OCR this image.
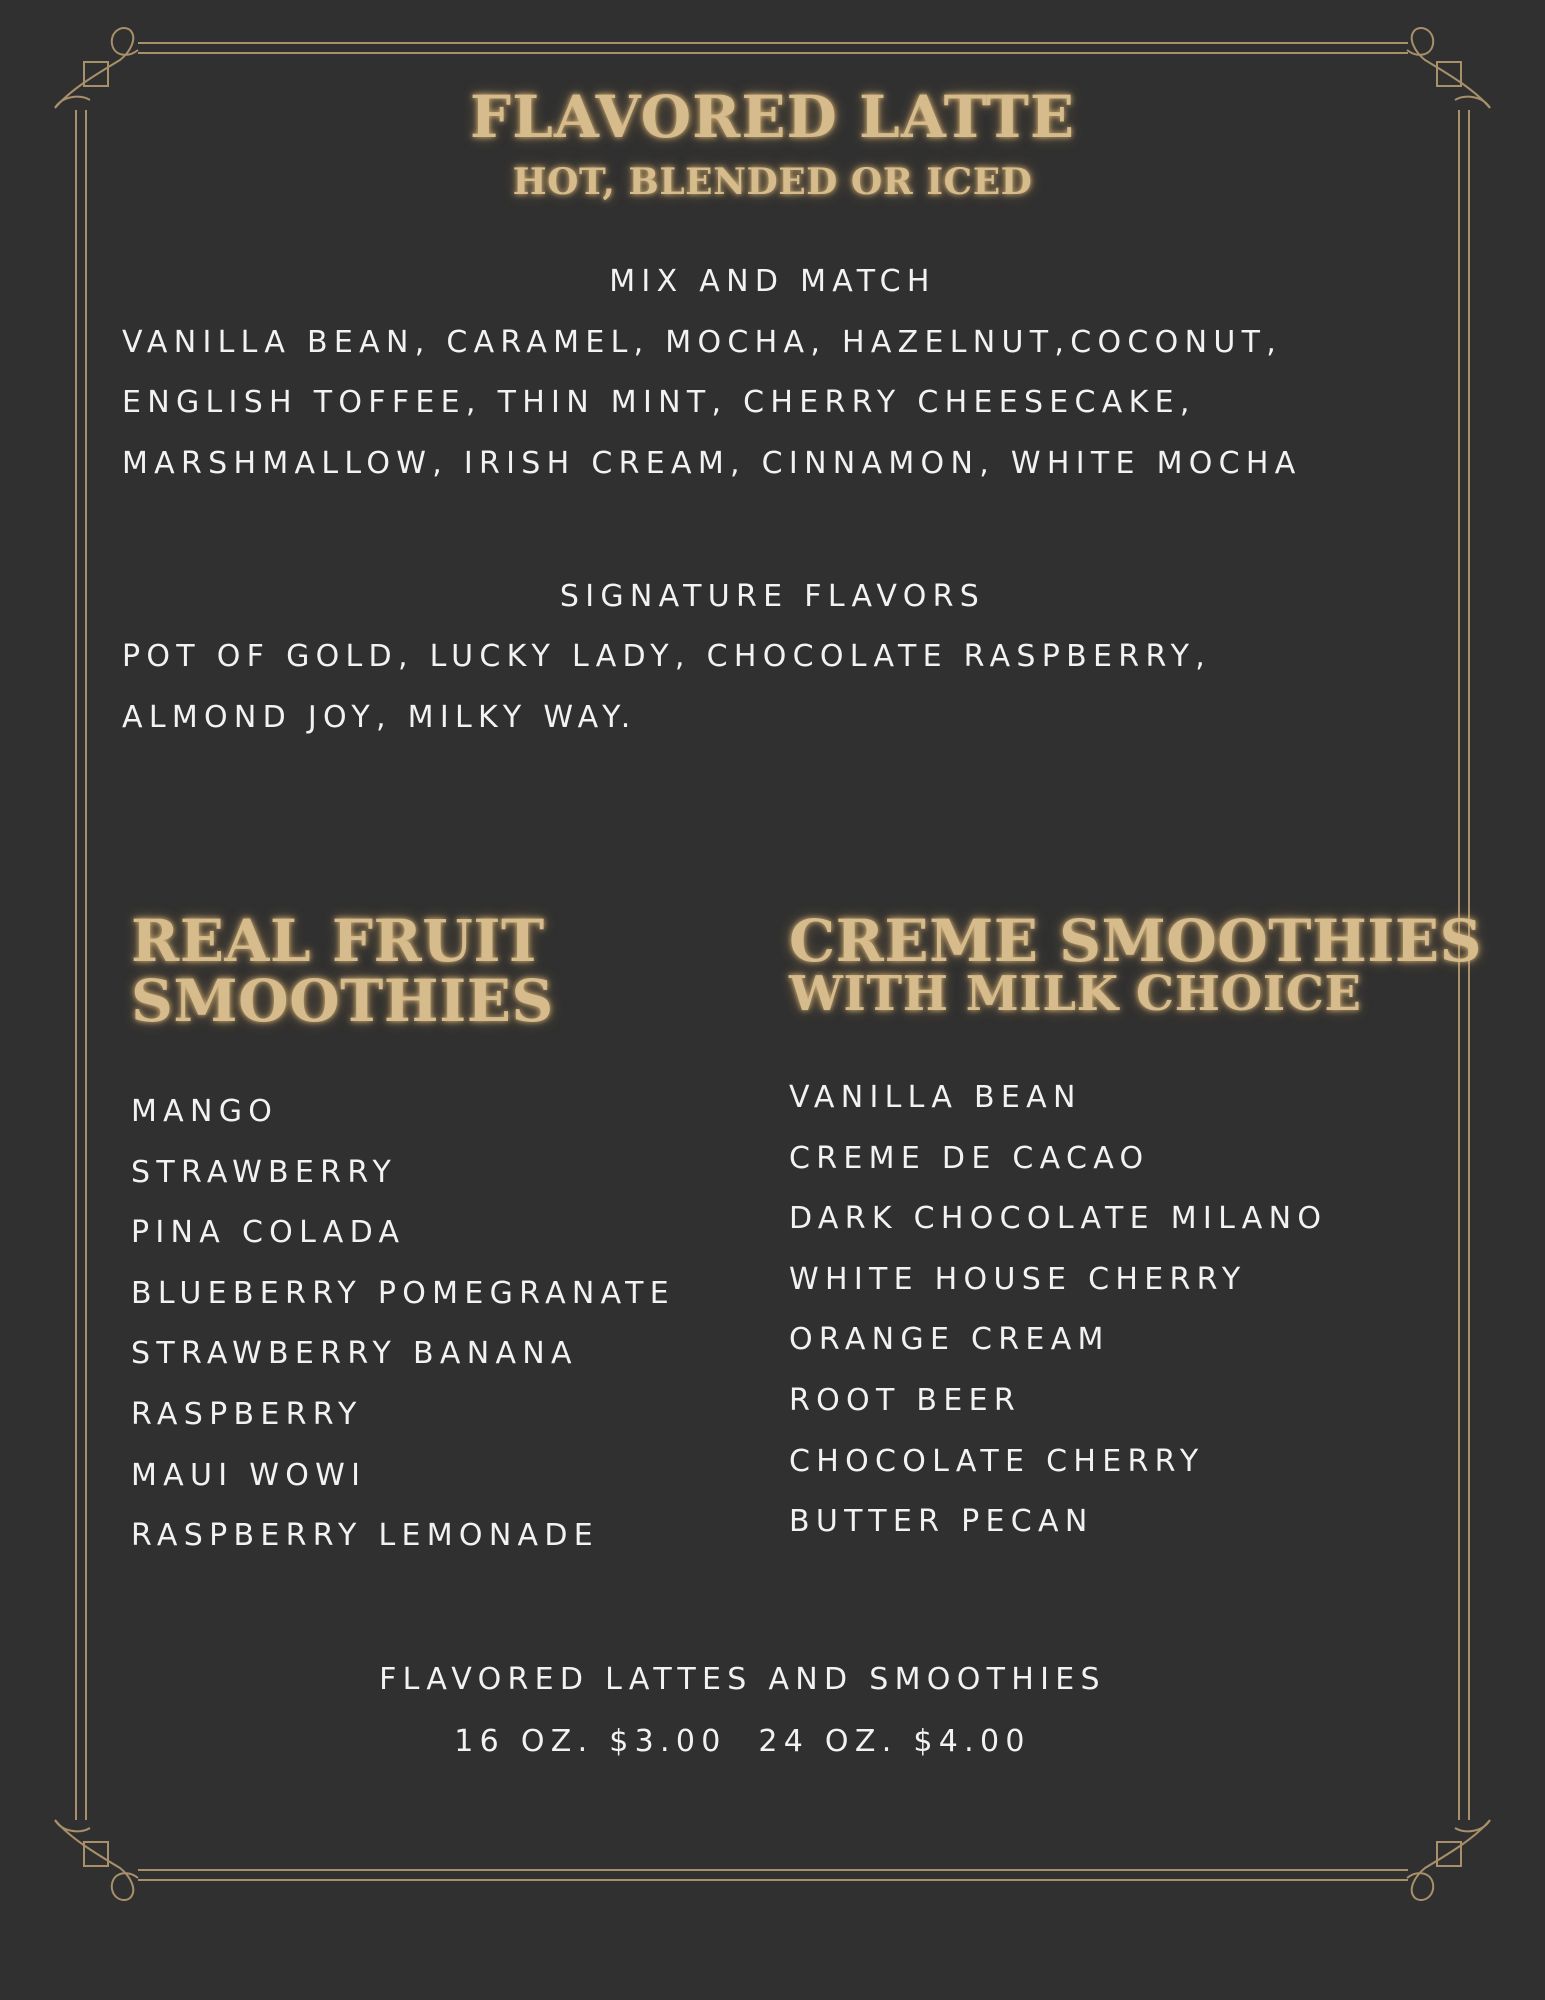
FLAVORED LATTE
HOT, BLENDED OR ICED
MIX AND MATCH
VANILLA BEAN, CARAMEL, MOCHA, HAZELNUT,COCONUT,
ENGLISH TOFFEE, THIN MINT, CHERRY CHEESECAKE,
MARSHMALLOW, IRISH CREAM, CINNAMON, WHITE MOCHA
SIGNATURE FLAVORS
POT OF GOLD, LUCKY LADY, CHOCOLATE RASPBERRY,
ALMOND JOY, MILKY WAY.
REAL FRUIT
SMOOTHIES
MANGO
STRAWBERRY
PINA COLADA
BLUEBERRY POMEGRANATE
STRAWBERRY BANANA
RASPBERRY
MAUI WOWI
RASPBERRY LEMONADE
CREME SMOOTHIES
WITH MILK CHOICE
VANILLA BEAN
CREME DE CACAO
DARK CHOCOLATE MILANO
WHITE HOUSE CHERRY
ORANGE CREAM
ROOT BEER
CHOCOLATE CHERRY
BUTTER PECAN
FLAVORED LATTES AND SMOOTHIES
16 OZ. $3.00  24 OZ. $4.00
